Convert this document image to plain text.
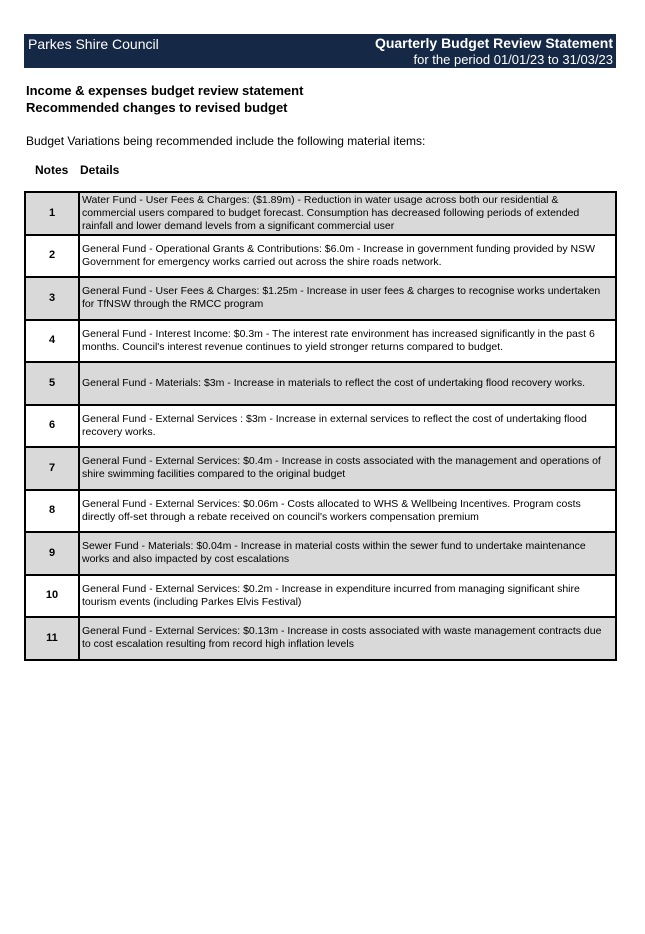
Parkes Shire Council	Quarterly Budget Review Statement
for the period 01/01/23 to 31/03/23
Income & expenses budget review statement
Recommended changes to revised budget
Budget Variations being recommended include the following material items:
Notes Details
1	Water Fund - User Fees & Charges: ($1.89m) - Reduction in water usage across both our residential & commercial users compared to budget forecast. Consumption has decreased following periods of extended rainfall and lower demand levels from a significant commercial user
2	General Fund - Operational Grants & Contributions: $6.0m - Increase in government funding provided by NSW Government for emergency works carried out across the shire roads network.
3	General Fund - User Fees & Charges: $1.25m - Increase in user fees & charges to recognise works undertaken for TfNSW through the RMCC program
4	General Fund - Interest Income: $0.3m - The interest rate environment has increased significantly in the past 6 months. Council's interest revenue continues to yield stronger returns compared to budget.
5	General Fund - Materials: $3m - Increase in materials to reflect the cost of undertaking flood recovery works.
6	General Fund - External Services : $3m - Increase in external services to reflect the cost of undertaking flood recovery works.
7	General Fund - External Services: $0.4m - Increase in costs associated with the management and operations of shire swimming facilities compared to the original budget
8	General Fund - External Services: $0.06m - Costs allocated to WHS & Wellbeing Incentives. Program costs directly off-set through a rebate received on council's workers compensation premium
9	Sewer Fund - Materials: $0.04m - Increase in material costs within the sewer fund to undertake maintenance works and also impacted by cost escalations
10	General Fund - External Services: $0.2m - Increase in expenditure incurred from managing significant shire tourism events (including Parkes Elvis Festival)
11	General Fund - External Services: $0.13m - Increase in costs associated with waste management contracts due to cost escalation resulting from record high inflation levels
